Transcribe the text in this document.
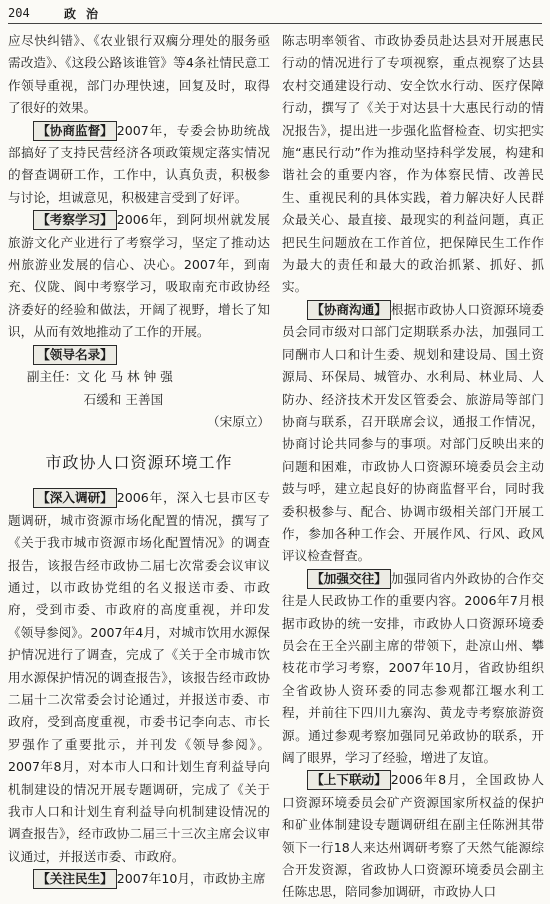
204	政治

应尽快纠错》、《农业银行双瘸分理处的服务亟需改造》、《这段公路该谁管》等4条社情民意工作领导重视，部门办理快速，回复及时，取得了很好的效果。

【协商监督】 2007年，专委会协助统战部搞好了支持民营经济各项政策规定落实情况的督查调研工作，工作中，认真负责，积极参与讨论，坦诚意见，积极建言受到了好评。

【考察学习】 2006年，到阿坝州就发展旅游文化产业进行了考察学习，坚定了推动达州旅游业发展的信心、决心。2007年，到南充、仪陇、阆中考察学习，吸取南充市政协经济委好的经验和做法，开阔了视野，增长了知识，从而有效地推动了工作的开展。

【领导名录】

副主任：文 化 马 林 钟 强

石缓和 王善国

（宋原立）

市政协人口资源环境工作

【深入调研】 2006年，深入七县市区专题调研，城市资源市场化配置的情况，撰写了《关于我市城市资源市场化配置情况》的调查报告，该报告经市政协二届七次常委会议审议通过，以市政协党组的名义报送市委、市政府，受到市委、市政府的高度重视，并印发《领导参阅》。2007年4月，对城市饮用水源保护情况进行了调查，完成了《关于全市城市饮用水源保护情况的调查报告》，该报告经市政协二届十二次常委会讨论通过，并报送市委、市政府，受到高度重视，市委书记李向志、市长罗强作了重要批示，并刊发《领导参阅》。2007年8月，对本市人口和计划生育利益导向机制建设的情况开展专题调研，完成了《关于我市人口和计划生育利益导向机制建设情况的调查报告》，经市政协二届三十三次主席会议审议通过，并报送市委、市政府。

【关注民生】 2007年10月，市政协主席

陈志明率领省、市政协委员赴达县对开展惠民行动的情况进行了专项视察，重点视察了达县农村交通建设行动、安全饮水行动、医疗保障行动，撰写了《关于对达县十大惠民行动的情况报告》，提出进一步强化监督检查、切实把实施“惠民行动”作为推动坚持科学发展，构建和谐社会的重要内容，作为体察民情、改善民生、重视民利的具体实践，着力解决好人民群众最关心、最直接、最现实的利益问题，真正把民生问题放在工作首位，把保障民生工作作为最大的责任和最大的政治抓紧、抓好、抓实。

【协商沟通】 根据市政协人口资源环境委员会同市级对口部门定期联系办法，加强同工同酬市人口和计生委、规划和建设局、国土资源局、环保局、城管办、水利局、林业局、人防办、经济技术开发区管委会、旅游局等部门协商与联系，召开联席会议，通报工作情况，协商讨论共同参与的事项。对部门反映出来的问题和困难，市政协人口资源环境委员会主动鼓与呼，建立起良好的协商监督平台，同时我委积极参与、配合、协调市级相关部门开展工作，参加各种工作会、开展作风、行风、政风评议检查督查。

【加强交往】 加强同省内外政协的合作交往是人民政协工作的重要内容。2006年7月根据市政协的统一安排，市政协人口资源环境委员会在王全兴副主席的带领下，赴凉山州、攀枝花市学习考察，2007年10月，省政协组织全省政协人资环委的同志参观都江堰水利工程，并前往下四川九寨沟、黄龙寺考察旅游资源。通过参观考察加强同兄弟政协的联系，开阔了眼界，学习了经验，增进了友谊。

【上下联动】 2006年8月，全国政协人口资源环境委员会矿产资源国家所权益的保护和矿业体制建设专题调研组在副主任陈洲其带领下一行18人来达州调研考察了天然气能源综合开发资源，省政协人口资源环境委员会副主任陈忠思，陪同参加调研，市政协人口
